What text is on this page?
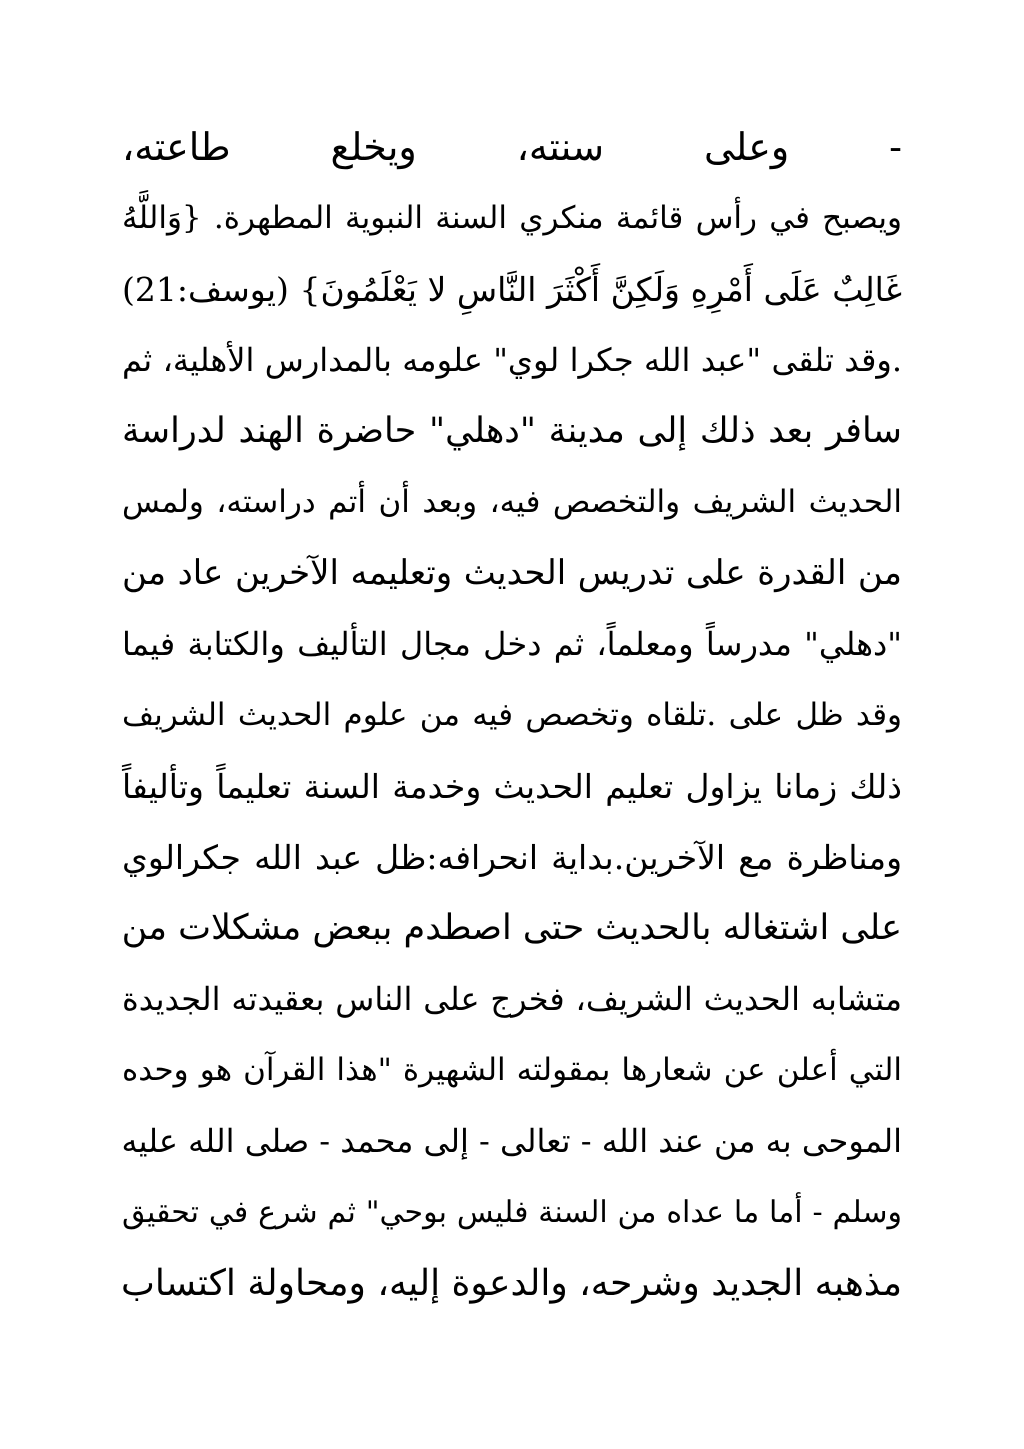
- وعلى سنته، ويخلع طاعته،
ويصبح في رأس قائمة منكري السنة النبوية المطهرة. {وَاللَّهُ
غَالِبٌ عَلَى أَمْرِهِ وَلَكِنَّ أَكْثَرَ النَّاسِ لا يَعْلَمُونَ} (يوسف:21)
.وقد تلقى "عبد الله جكرا لوي" علومه بالمدارس الأهلية، ثم
سافر بعد ذلك إلى مدينة "دهلي" حاضرة الهند لدراسة
الحديث الشريف والتخصص فيه، وبعد أن أتم دراسته، ولمس
من القدرة على تدريس الحديث وتعليمه الآخرين عاد من
"دهلي" مدرساً ومعلماً، ثم دخل مجال التأليف والكتابة فيما
وقد ظل على .تلقاه وتخصص فيه من علوم الحديث الشريف
ذلك زمانا يزاول تعليم الحديث وخدمة السنة تعليماً وتأليفاً
ومناظرة مع الآخرين.بداية انحرافه:ظل عبد الله جكرالوي
على اشتغاله بالحديث حتى اصطدم ببعض مشكلات من
متشابه الحديث الشريف، فخرج على الناس بعقيدته الجديدة
التي أعلن عن شعارها بمقولته الشهيرة "هذا القرآن هو وحده
الموحى به من عند الله - تعالى - إلى محمد - صلى الله عليه
وسلم - أما ما عداه من السنة فليس بوحي" ثم شرع في تحقيق
مذهبه الجديد وشرحه، والدعوة إليه، ومحاولة اكتساب
